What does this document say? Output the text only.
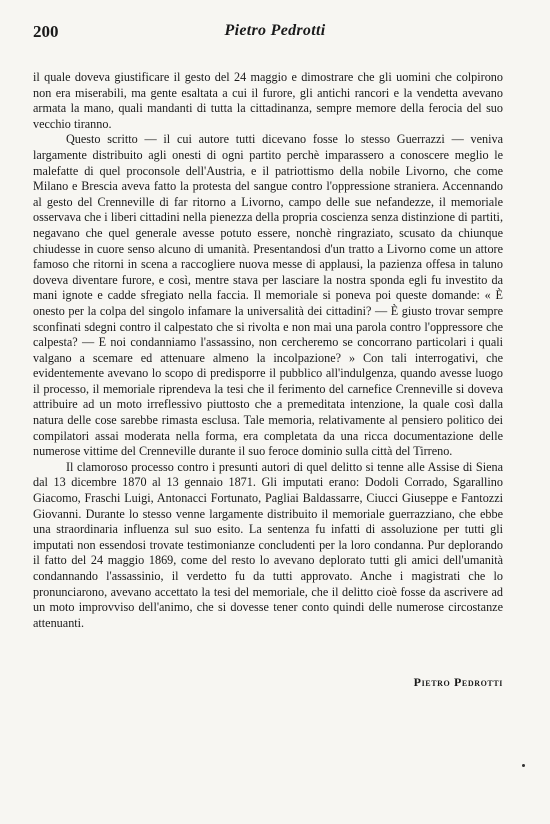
200	Pietro Pedrotti

il quale doveva giustificare il gesto del 24 maggio e dimostrare che gli uomini che colpirono non era miserabili, ma gente esaltata a cui il furore, gli antichi rancori e la vendetta avevano armata la mano, quali mandanti di tutta la cittadinanza, sempre memore della ferocia del suo vecchio tiranno.

Questo scritto — il cui autore tutti dicevano fosse lo stesso Guerrazzi — veniva largamente distribuito agli onesti di ogni partito perchè imparassero a conoscere meglio le malefatte di quel proconsole dell'Austria, e il patriottismo della nobile Livorno, che come Milano e Brescia aveva fatto la protesta del sangue contro l'oppressione straniera. Accennando al gesto del Crenneville di far ritorno a Livorno, campo delle sue nefandezze, il memoriale osservava che i liberi cittadini nella pienezza della propria coscienza senza distinzione di partiti, negavano che quel generale avesse potuto essere, nonchè ringraziato, scusato da chiunque chiudesse in cuore senso alcuno di umanità. Presentandosi d'un tratto a Livorno come un attore famoso che ritorni in scena a raccogliere nuova messe di applausi, la pazienza offesa in taluno doveva diventare furore, e così, mentre stava per lasciare la nostra sponda egli fu investito da mani ignote e cadde sfregiato nella faccia. Il memoriale si poneva poi queste domande: « È onesto per la colpa del singolo infamare la universalità dei cittadini? — È giusto trovar sempre sconfinati sdegni contro il calpestato che si rivolta e non mai una parola contro l'oppressore che calpesta? — E noi condanniamo l'assassino, non cercheremo se concorrano particolari i quali valgano a scemare ed attenuare almeno la incolpazione? » Con tali interrogativi, che evidentemente avevano lo scopo di predisporre il pubblico all'indulgenza, quando avesse luogo il processo, il memoriale riprendeva la tesi che il ferimento del carnefice Crenneville si doveva attribuire ad un moto irreflessivo piuttosto che a premeditata intenzione, la quale così dalla natura delle cose sarebbe rimasta esclusa. Tale memoria, relativamente al pensiero politico dei compilatori assai moderata nella forma, era completata da una ricca documentazione delle numerose vittime del Crenneville durante il suo feroce dominio sulla città del Tirreno.

Il clamoroso processo contro i presunti autori di quel delitto si tenne alle Assise di Siena dal 13 dicembre 1870 al 13 gennaio 1871. Gli imputati erano: Dodoli Corrado, Sgarallino Giacomo, Fraschi Luigi, Antonacci Fortunato, Pagliai Baldassarre, Ciucci Giuseppe e Fantozzi Giovanni. Durante lo stesso venne largamente distribuito il memoriale guerrazziano, che ebbe una straordinaria influenza sul suo esito. La sentenza fu infatti di assoluzione per tutti gli imputati non essendosi trovate testimonianze concludenti per la loro condanna. Pur deplorando il fatto del 24 maggio 1869, come del resto lo avevano deplorato tutti gli amici dell'umanità condannando l'assassinio, il verdetto fu da tutti approvato. Anche i magistrati che lo pronunciarono, avevano accettato la tesi del memoriale, che il delitto cioè fosse da ascrivere ad un moto improvviso dell'animo, che si dovesse tener conto quindi delle numerose circostanze attenuanti.

Pietro Pedrotti
